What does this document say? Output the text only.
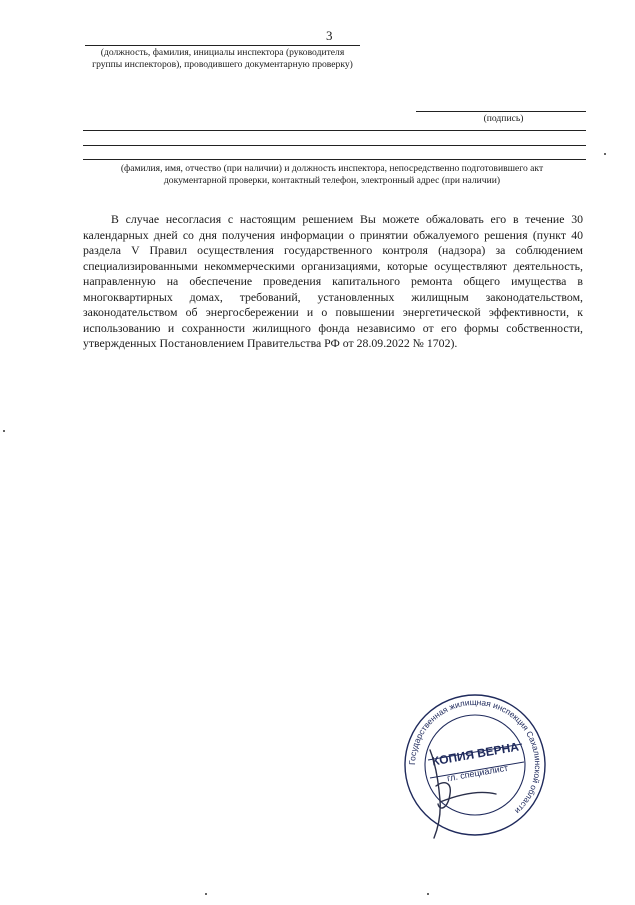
3
(должность, фамилия, инициалы инспектора (руководителя группы инспекторов), проводившего документарную проверку)
(подпись)
(фамилия, имя, отчество (при наличии) и должность инспектора, непосредственно подготовившего акт документарной проверки, контактный телефон, электронный адрес (при наличии)
В случае несогласия с настоящим решением Вы можете обжаловать его в течение 30 календарных дней со дня получения информации о принятии обжалуемого решения (пункт 40 раздела V Правил осуществления государственного контроля (надзора) за соблюдением специализированными некоммерческими организациями, которые осуществляют деятельность, направленную на обеспечение проведения капитального ремонта общего имущества в многоквартирных домах, требований, установленных жилищным законодательством, законодательством об энергосбережении и о повышении энергетической эффективности, к использованию и сохранности жилищного фонда независимо от его формы собственности, утвержденных Постановлением Правительства РФ от 28.09.2022 № 1702).
Государственная жилищная инспекция Сахалинской области
КОПИЯ ВЕРНА
гл. специалист
